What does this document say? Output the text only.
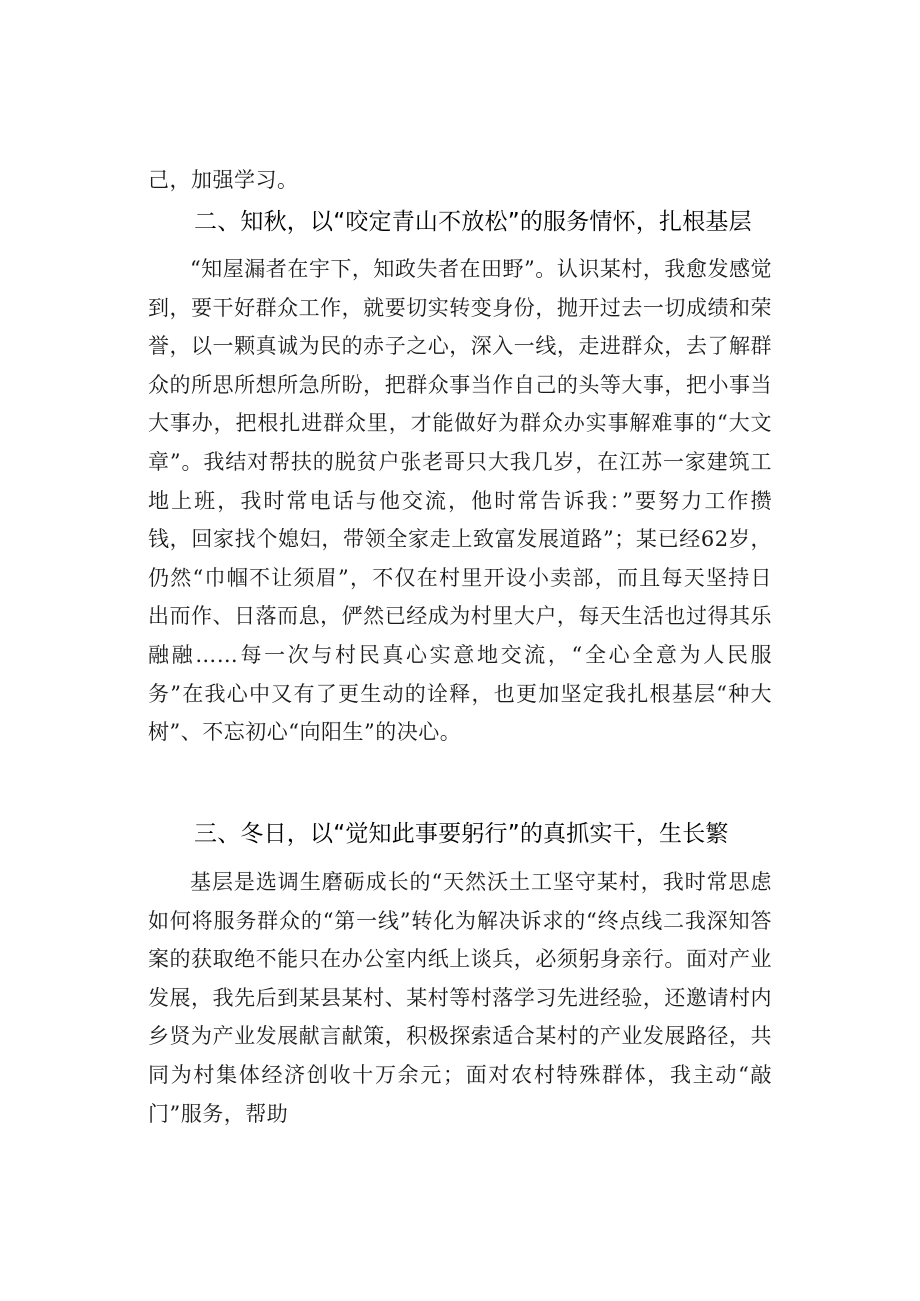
己，加强学习。
二、知秋，以“咬定青山不放松”的服务情怀，扎根基层
“知屋漏者在宇下，知政失者在田野”。认识某村，我愈发感觉到，要干好群众工作，就要切实转变身份，抛开过去一切成绩和荣誉，以一颗真诚为民的赤子之心，深入一线，走进群众，去了解群众的所思所想所急所盼，把群众事当作自己的头等大事，把小事当大事办，把根扎进群众里，才能做好为群众办实事解难事的“大文章”。我结对帮扶的脱贫户张老哥只大我几岁，在江苏一家建筑工地上班，我时常电话与他交流，他时常告诉我：”要努力工作攒钱，回家找个媳妇，带领全家走上致富发展道路”；某已经62岁，仍然“巾帼不让须眉”，不仅在村里开设小卖部，而且每天坚持日出而作、日落而息，俨然已经成为村里大户，每天生活也过得其乐融融……每一次与村民真心实意地交流，“全心全意为人民服务”在我心中又有了更生动的诠释，也更加坚定我扎根基层“种大树”、不忘初心“向阳生”的决心。
三、冬日，以“觉知此事要躬行”的真抓实干，生长繁
基层是选调生磨砺成长的“天然沃土工坚守某村，我时常思虑如何将服务群众的“第一线”转化为解决诉求的“终点线二我深知答案的获取绝不能只在办公室内纸上谈兵，必须躬身亲行。面对产业发展，我先后到某县某村、某村等村落学习先进经验，还邀请村内乡贤为产业发展献言献策，积极探索适合某村的产业发展路径，共同为村集体经济创收十万余元；面对农村特殊群体，我主动“敲门”服务，帮助
